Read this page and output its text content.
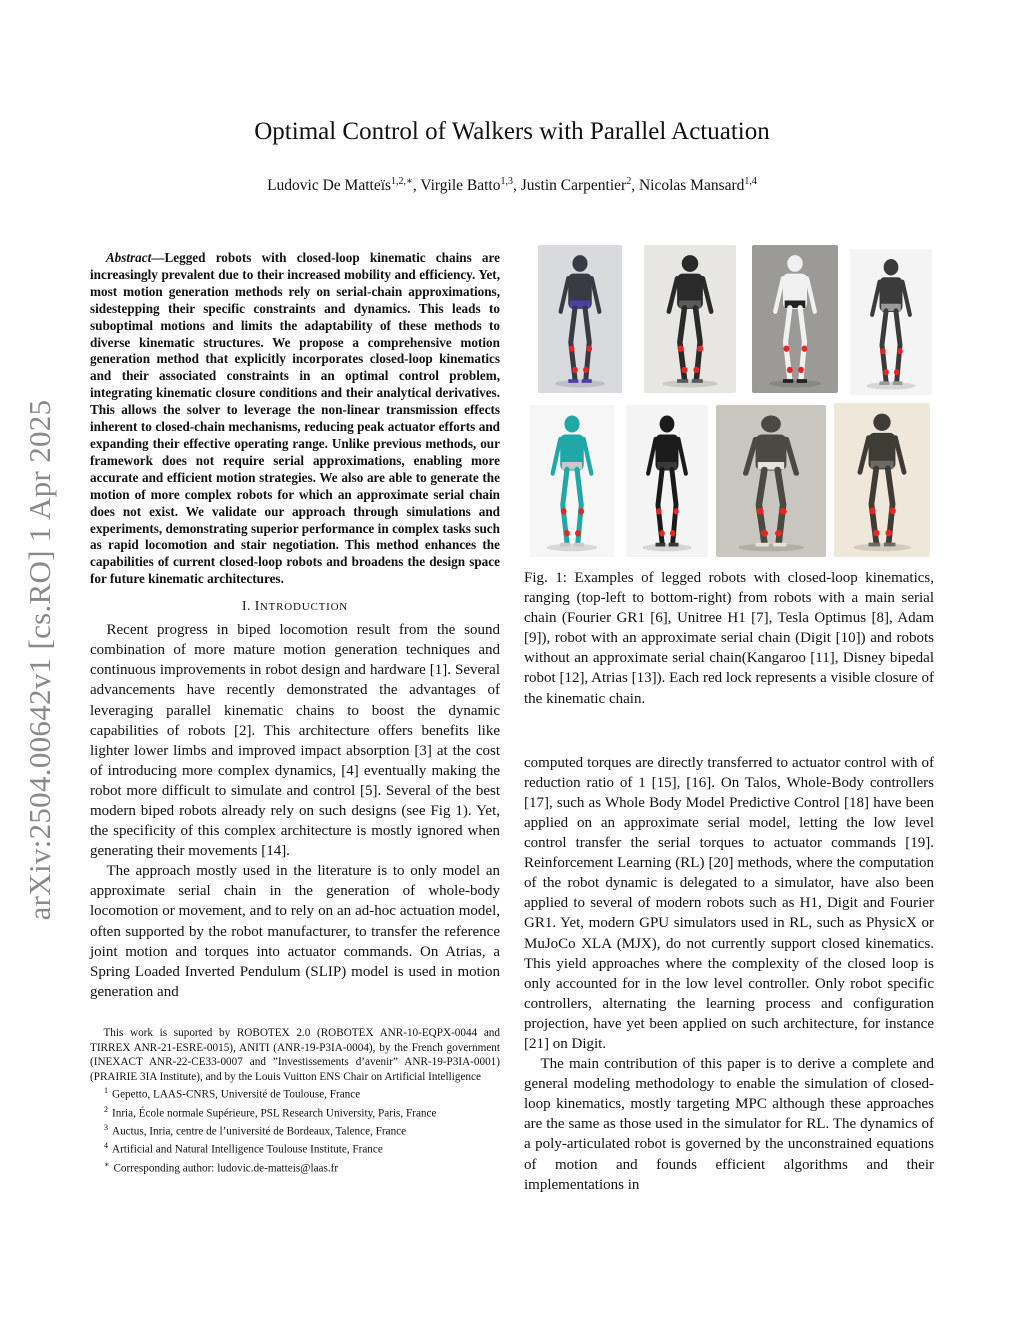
arXiv:2504.00642v1 [cs.RO] 1 Apr 2025
Optimal Control of Walkers with Parallel Actuation
Ludovic De Matteïs$^{1,2,∗}$, Virgile Batto$^{1,3}$, Justin Carpentier$^2$, Nicolas Mansard$^{1,4}$

Abstract—Legged robots with closed-loop kinematic chains are increasingly prevalent due to their increased mobility and efficiency. Yet, most motion generation methods rely on serial-chain approximations, sidestepping their specific constraints and dynamics. This leads to suboptimal motions and limits the adaptability of these methods to diverse kinematic structures. We propose a comprehensive motion generation method that explicitly incorporates closed-loop kinematics and their associated constraints in an optimal control problem, integrating kinematic closure conditions and their analytical derivatives. This allows the solver to leverage the non-linear transmission effects inherent to closed-chain mechanisms, reducing peak actuator efforts and expanding their effective operating range. Unlike previous methods, our framework does not require serial approximations, enabling more accurate and efficient motion strategies. We also are able to generate the motion of more complex robots for which an approximate serial chain does not exist. We validate our approach through simulations and experiments, demonstrating superior performance in complex tasks such as rapid locomotion and stair negotiation. This method enhances the capabilities of current closed-loop robots and broadens the design space for future kinematic architectures.

I. INTRODUCTION

Recent progress in biped locomotion result from the sound combination of more mature motion generation techniques and continuous improvements in robot design and hardware [1]. Several advancements have recently demonstrated the advantages of leveraging parallel kinematic chains to boost the dynamic capabilities of robots [2]. This architecture offers benefits like lighter lower limbs and improved impact absorption [3] at the cost of introducing more complex dynamics, [4] eventually making the robot more difficult to simulate and control [5]. Several of the best modern biped robots already rely on such designs (see Fig 1). Yet, the specificity of this complex architecture is mostly ignored when generating their movements [14].

The approach mostly used in the literature is to only model an approximate serial chain in the generation of whole-body locomotion or movement, and to rely on an ad-hoc actuation model, often supported by the robot manufacturer, to transfer the reference joint motion and torques into actuator commands. On Atrias, a Spring Loaded Inverted Pendulum (SLIP) model is used in motion generation and

This work is suported by ROBOTEX 2.0 (ROBOTEX ANR-10-EQPX-0044 and TIRREX ANR-21-ESRE-0015), ANITI (ANR-19-P3IA-0004), by the French government (INEXACT ANR-22-CE33-0007 and ”Investissements d’avenir” ANR-19-P3IA-0001) (PRAIRIE 3IA Institute), and by the Louis Vuitton ENS Chair on Artificial Intelligence

$^1$ Gepetto, LAAS-CNRS, Université de Toulouse, France

$^2$ Inria, École normale Supérieure, PSL Research University, Paris, France

$^3$ Auctus, Inria, centre de l’université de Bordeaux, Talence, France

$^4$ Artificial and Natural Intelligence Toulouse Institute, France

∗ Corresponding author: ludovic.de-matteis@laas.fr

Fig. 1: Examples of legged robots with closed-loop kinematics, ranging (top-left to bottom-right) from robots with a main serial chain (Fourier GR1 [6], Unitree H1 [7], Tesla Optimus [8], Adam [9]), robot with an approximate serial chain (Digit [10]) and robots without an approximate serial chain(Kangaroo [11], Disney bipedal robot [12], Atrias [13]). Each red lock represents a visible closure of the kinematic chain.

computed torques are directly transferred to actuator control with of reduction ratio of 1 [15], [16]. On Talos, Whole-Body controllers [17], such as Whole Body Model Predictive Control [18] have been applied on an approximate serial model, letting the low level control transfer the serial torques to actuator commands [19]. Reinforcement Learning (RL) [20] methods, where the computation of the robot dynamic is delegated to a simulator, have also been applied to several of modern robots such as H1, Digit and Fourier GR1. Yet, modern GPU simulators used in RL, such as PhysicX or MuJoCo XLA (MJX), do not currently support closed kinematics. This yield approaches where the complexity of the closed loop is only accounted for in the low level controller. Only robot specific controllers, alternating the learning process and configuration projection, have yet been applied on such architecture, for instance [21] on Digit.

The main contribution of this paper is to derive a complete and general modeling methodology to enable the simulation of closed-loop kinematics, mostly targeting MPC although these approaches are the same as those used in the simulator for RL. The dynamics of a poly-articulated robot is governed by the unconstrained equations of motion and founds efficient algorithms and their implementations in
